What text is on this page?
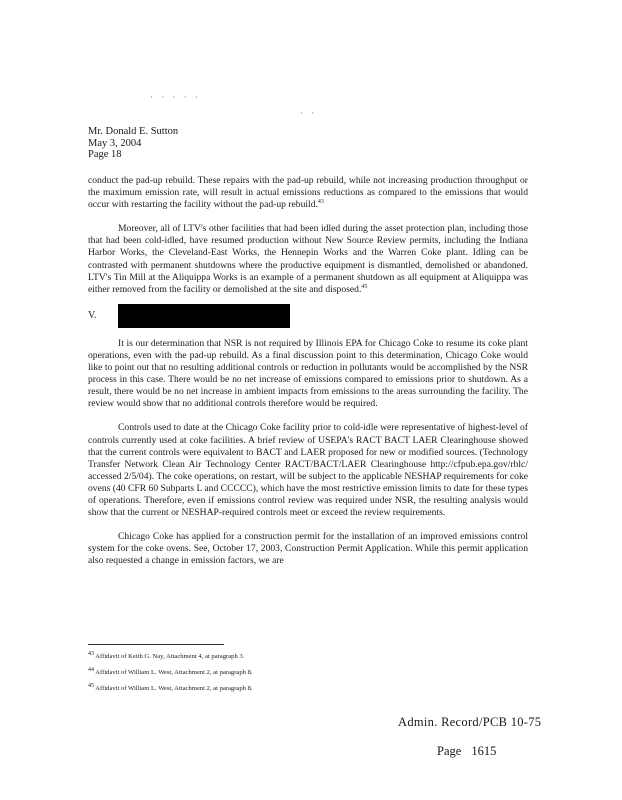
· · · · ·
· ·
Mr. Donald E. Sutton
May 3, 2004
Page 18

conduct the pad-up rebuild. These repairs with the pad-up rebuild, while not increasing production throughput or the maximum emission rate, will result in actual emissions reductions as compared to the emissions that would occur with restarting the facility without the pad-up rebuild.$^{43}$

Moreover, all of LTV's other facilities that had been idled during the asset protection plan, including those that had been cold-idled, have resumed production without New Source Review permits, including the Indiana Harbor Works, the Cleveland-East Works, the Hennepin Works and the Warren Coke plant. Idling can be contrasted with permanent shutdowns where the productive equipment is dismantled, demolished or abandoned. LTV's Tin Mill at the Aliquippa Works is an example of a permanent shutdown as all equipment at Aliquippa was either removed from the facility or demolished at the site and disposed.$^{45}$

V.

It is our determination that NSR is not required by Illinois EPA for Chicago Coke to resume its coke plant operations, even with the pad-up rebuild. As a final discussion point to this determination, Chicago Coke would like to point out that no resulting additional controls or reduction in pollutants would be accomplished by the NSR process in this case. There would be no net increase of emissions compared to emissions prior to shutdown. As a result, there would be no net increase in ambient impacts from emissions to the areas surrounding the facility. The review would show that no additional controls therefore would be required.

Controls used to date at the Chicago Coke facility prior to cold-idle were representative of highest-level of controls currently used at coke facilities. A brief review of USEPA's RACT BACT LAER Clearinghouse showed that the current controls were equivalent to BACT and LAER proposed for new or modified sources. (Technology Transfer Network Clean Air Technology Center RACT/BACT/LAER Clearinghouse http://cfpub.epa.gov/rblc/ accessed 2/5/04). The coke operations, on restart, will be subject to the applicable NESHAP requirements for coke ovens (40 CFR 60 Subparts L and CCCCC), which have the most restrictive emission limits to date for these types of operations. Therefore, even if emissions control review was required under NSR, the resulting analysis would show that the current or NESHAP-required controls meet or exceed the review requirements.

Chicago Coke has applied for a construction permit for the installation of an improved emissions control system for the coke ovens. See, October 17, 2003, Construction Permit Application. While this permit application also requested a change in emission factors, we are

$^{43}$ Affidavit of Keith G. Nay, Attachment 4, at paragraph 3.
$^{44}$ Affidavit of William L. West, Attachment 2, at paragraph 8.
$^{45}$ Affidavit of William L. West, Attachment 2, at paragraph 8.
Admin. Record/PCB 10-75
Page 1615
